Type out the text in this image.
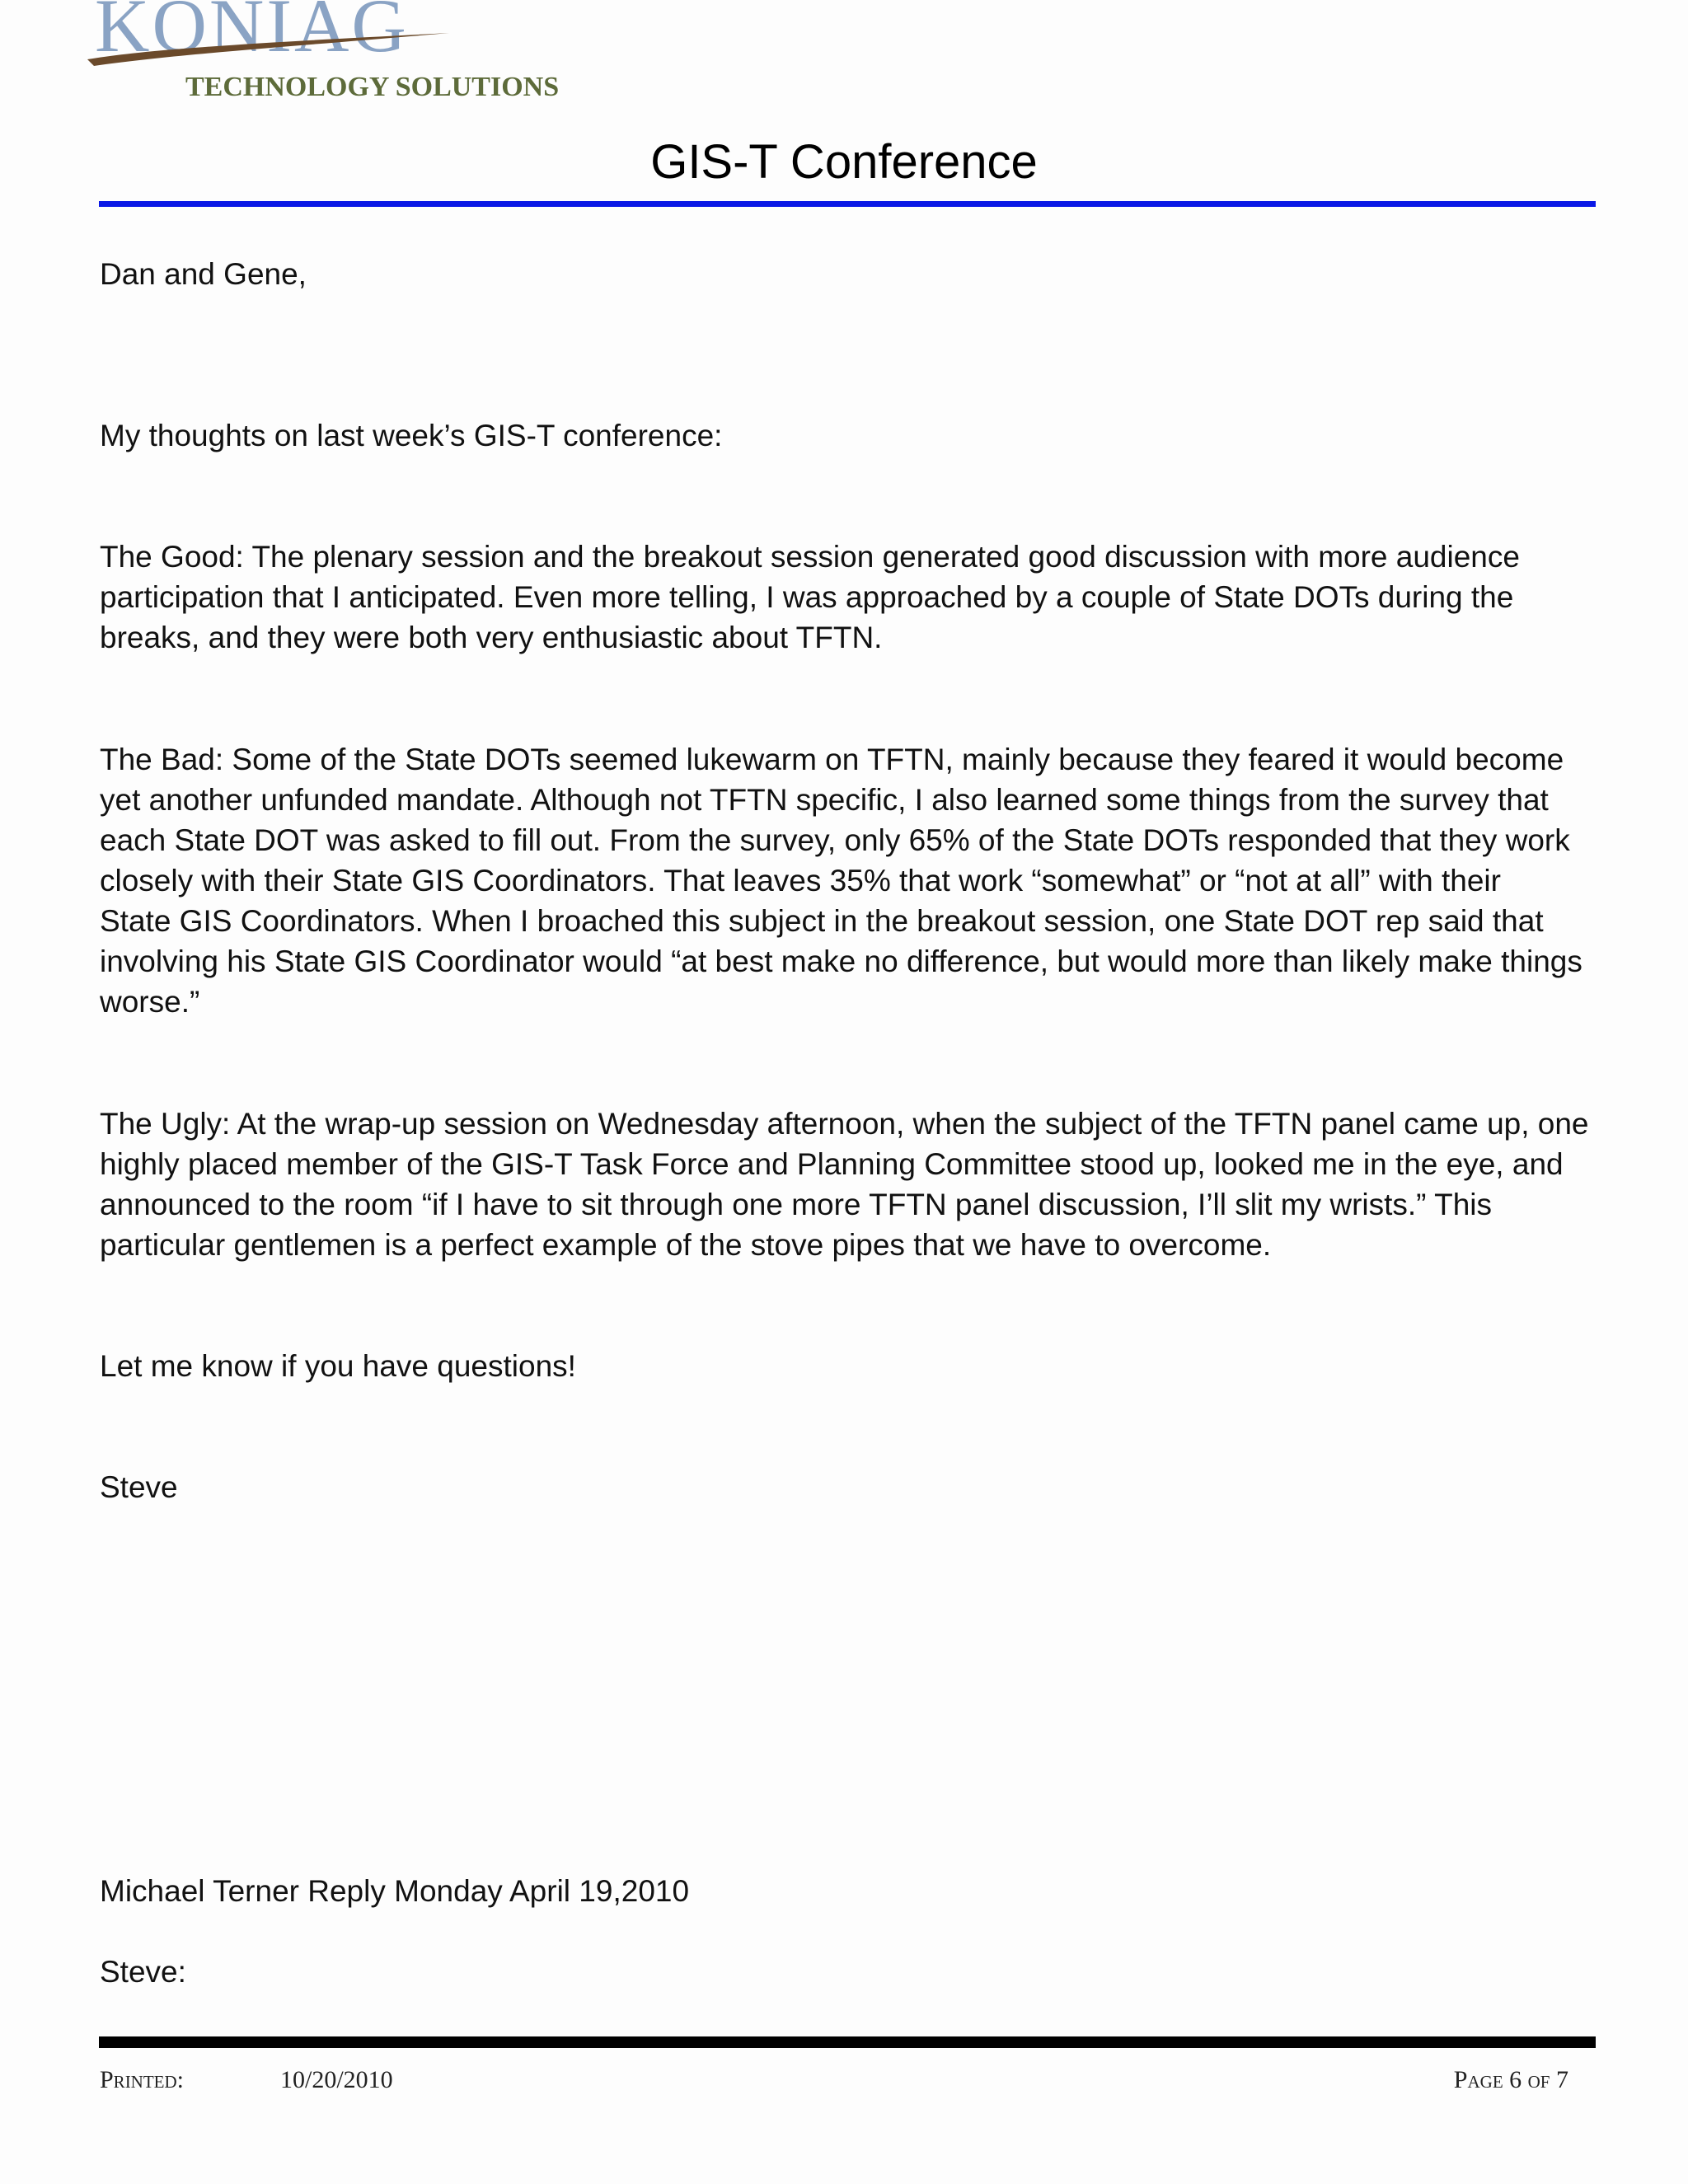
KONIAG
TECHNOLOGY SOLUTIONS
GIS-T Conference
Dan and Gene,
My thoughts on last week’s GIS-T conference:
The Good: The plenary session and the breakout session generated good discussion with more audience
participation that I anticipated. Even more telling, I was approached by a couple of State DOTs during the
breaks, and they were both very enthusiastic about TFTN.
The Bad: Some of the State DOTs seemed lukewarm on TFTN, mainly because they feared it would become
yet another unfunded mandate. Although not TFTN specific, I also learned some things from the survey that
each State DOT was asked to fill out. From the survey, only 65% of the State DOTs responded that they work
closely with their State GIS Coordinators. That leaves 35% that work “somewhat” or “not at all” with their
State GIS Coordinators. When I broached this subject in the breakout session, one State DOT rep said that
involving his State GIS Coordinator would “at best make no difference, but would more than likely make things
worse.”
The Ugly: At the wrap-up session on Wednesday afternoon, when the subject of the TFTN panel came up, one
highly placed member of the GIS-T Task Force and Planning Committee stood up, looked me in the eye, and
announced to the room “if I have to sit through one more TFTN panel discussion, I’ll slit my wrists.” This
particular gentlemen is a perfect example of the stove pipes that we have to overcome.
Let me know if you have questions!
Steve
Michael Terner Reply Monday April 19,2010
Steve:
Printed:	10/20/2010	Page 6 of 7
